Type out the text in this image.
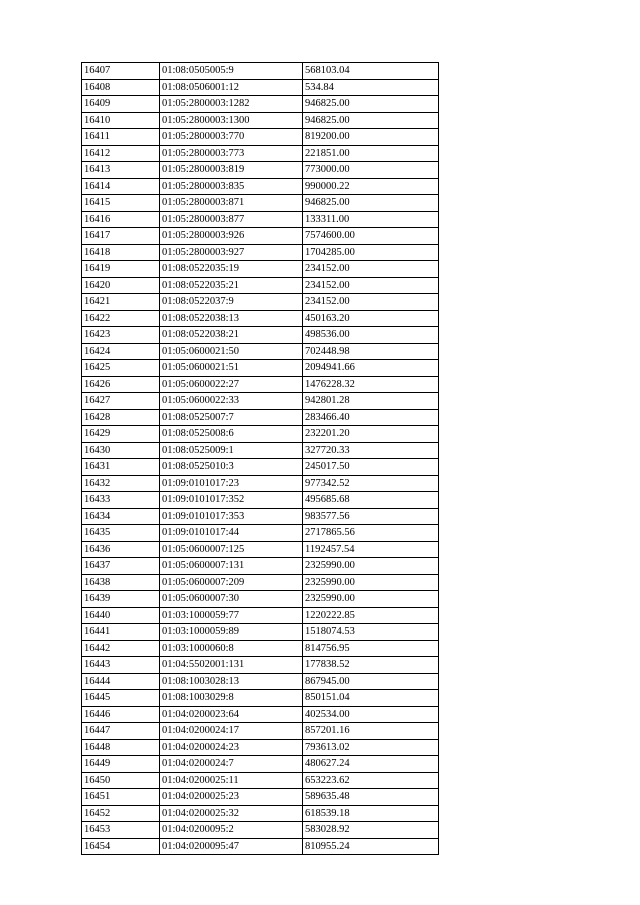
16407	01:08:0505005:9	568103.04
16408	01:08:0506001:12	534.84
16409	01:05:2800003:1282	946825.00
16410	01:05:2800003:1300	946825.00
16411	01:05:2800003:770	819200.00
16412	01:05:2800003:773	221851.00
16413	01:05:2800003:819	773000.00
16414	01:05:2800003:835	990000.22
16415	01:05:2800003:871	946825.00
16416	01:05:2800003:877	133311.00
16417	01:05:2800003:926	7574600.00
16418	01:05:2800003:927	1704285.00
16419	01:08:0522035:19	234152.00
16420	01:08:0522035:21	234152.00
16421	01:08:0522037:9	234152.00
16422	01:08:0522038:13	450163.20
16423	01:08:0522038:21	498536.00
16424	01:05:0600021:50	702448.98
16425	01:05:0600021:51	2094941.66
16426	01:05:0600022:27	1476228.32
16427	01:05:0600022:33	942801.28
16428	01:08:0525007:7	283466.40
16429	01:08:0525008:6	232201.20
16430	01:08:0525009:1	327720.33
16431	01:08:0525010:3	245017.50
16432	01:09:0101017:23	977342.52
16433	01:09:0101017:352	495685.68
16434	01:09:0101017:353	983577.56
16435	01:09:0101017:44	2717865.56
16436	01:05:0600007:125	1192457.54
16437	01:05:0600007:131	2325990.00
16438	01:05:0600007:209	2325990.00
16439	01:05:0600007:30	2325990.00
16440	01:03:1000059:77	1220222.85
16441	01:03:1000059:89	1518074.53
16442	01:03:1000060:8	814756.95
16443	01:04:5502001:131	177838.52
16444	01:08:1003028:13	867945.00
16445	01:08:1003029:8	850151.04
16446	01:04:0200023:64	402534.00
16447	01:04:0200024:17	857201.16
16448	01:04:0200024:23	793613.02
16449	01:04:0200024:7	480627.24
16450	01:04:0200025:11	653223.62
16451	01:04:0200025:23	589635.48
16452	01:04:0200025:32	618539.18
16453	01:04:0200095:2	583028.92
16454	01:04:0200095:47	810955.24
